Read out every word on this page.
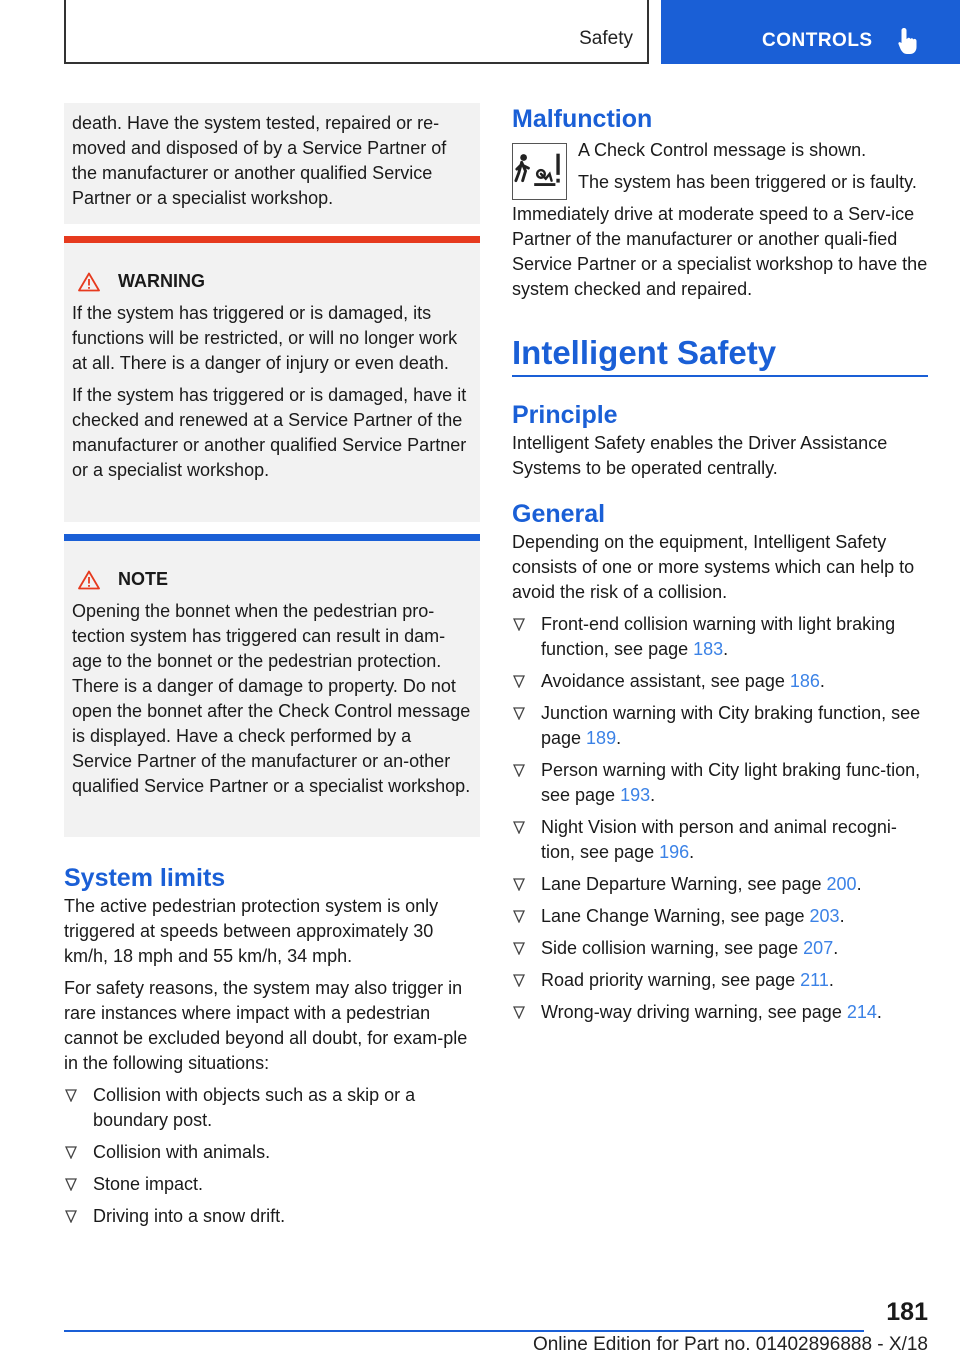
Safety	CONTROLS

death. Have the system tested, repaired or re-moved and disposed of by a Service Partner of the manufacturer or another qualified Service Partner or a specialist workshop.

WARNING

If the system has triggered or is damaged, its functions will be restricted, or will no longer work at all. There is a danger of injury or even death.

If the system has triggered or is damaged, have it checked and renewed at a Service Partner of the manufacturer or another qualified Service Partner or a specialist workshop.

NOTE

Opening the bonnet when the pedestrian pro-tection system has triggered can result in dam-age to the bonnet or the pedestrian protection. There is a danger of damage to property. Do not open the bonnet after the Check Control message is displayed. Have a check performed by a Service Partner of the manufacturer or an-other qualified Service Partner or a specialist workshop.

System limits

The active pedestrian protection system is only triggered at speeds between approximately 30 km/h, 18 mph and 55 km/h, 34 mph.

For safety reasons, the system may also trigger in rare instances where impact with a pedestrian cannot be excluded beyond all doubt, for exam-ple in the following situations:

Collision with objects such as a skip or a boundary post.
Collision with animals.
Stone impact.
Driving into a snow drift.
Malfunction

A Check Control message is shown.

The system has been triggered or is faulty.

Immediately drive at moderate speed to a Serv-ice Partner of the manufacturer or another quali-fied Service Partner or a specialist workshop to have the system checked and repaired.

Intelligent Safety
Principle

Intelligent Safety enables the Driver Assistance Systems to be operated centrally.

General

Depending on the equipment, Intelligent Safety consists of one or more systems which can help to avoid the risk of a collision.

Front-end collision warning with light braking function, see page 183.
Avoidance assistant, see page 186.
Junction warning with City braking function, see page 189.
Person warning with City light braking func-tion, see page 193.
Night Vision with person and animal recogni-tion, see page 196.
Lane Departure Warning, see page 200.
Lane Change Warning, see page 203.
Side collision warning, see page 207.
Road priority warning, see page 211.
Wrong-way driving warning, see page 214.
181
Online Edition for Part no. 01402896888 - X/18
